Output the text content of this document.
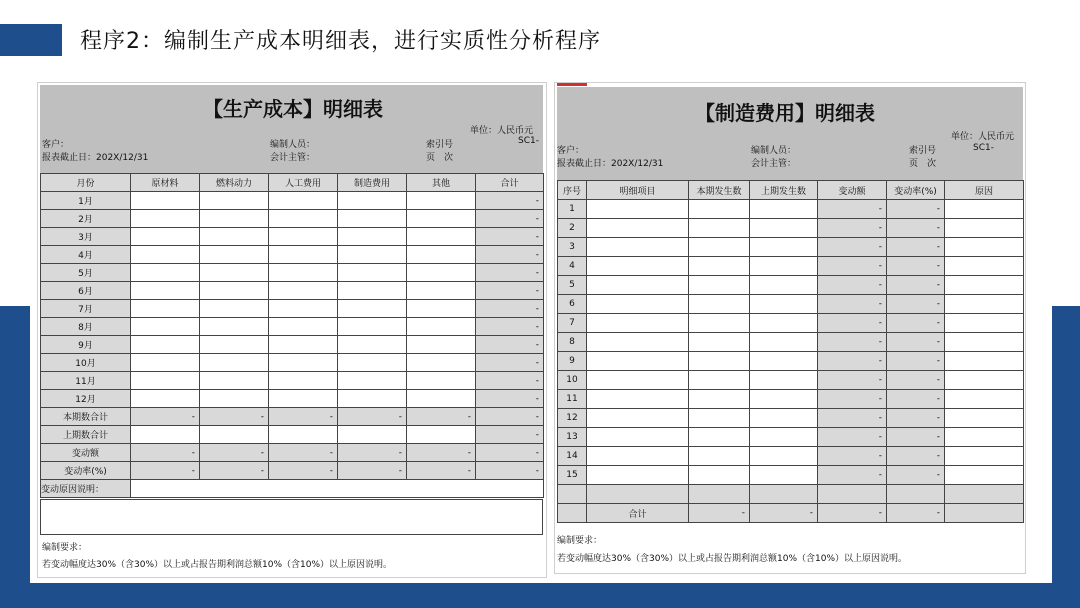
程序2：编制生产成本明细表，进行实质性分析程序
【生产成本】明细表
单位：人民币元
SC1-
客户：
报表截止日：202X/12/31
编制人员：
会计主管：
索引号
页　次
月份	原材料	燃料动力	人工费用	制造费用	其他	合计
1月						-
2月						-
3月						-
4月						-
5月						-
6月						-
7月						-
8月						-
9月						-
10月						-
11月						-
12月						-
本期数合计	-	-	-	-	-	-
上期数合计						-
变动额	-	-	-	-	-	-
变动率(%)	-	-	-	-	-	-
变动原因说明：						
编制要求：
若变动幅度达30%（含30%）以上或占报告期利润总额10%（含10%）以上原因说明。
【制造费用】明细表
单位：人民币元
SC1-
客户：
报表截止日：202X/12/31
编制人员：
会计主管：
索引号
页　次
序号	明细项目	本期发生数	上期发生数	变动额	变动率(%)	原因
1				-	-	
2				-	-	
3				-	-	
4				-	-	
5				-	-	
6				-	-	
7				-	-	
8				-	-	
9				-	-	
10				-	-	
11				-	-	
12				-	-	
13				-	-	
14				-	-	
15				-	-	

	合计	-	-	-	-	
编制要求：
若变动幅度达30%（含30%）以上或占报告期利润总额10%（含10%）以上原因说明。
